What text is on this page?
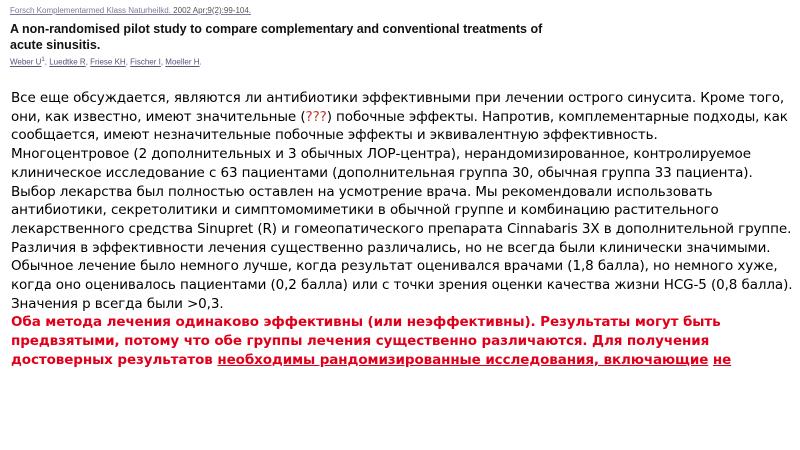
Forsch Komplementarmed Klass Naturheilkd. 2002 Apr;9(2):99-104.
A non-randomised pilot study to compare complementary and conventional treatments of acute sinusitis.
Weber $U^1$, Luedtke R, Friese KH, Fischer I, Moeller H.

Все еще обсуждается, являются ли антибиотики эффективными при лечении острого синусита. Кроме того, они, как известно, имеют значительные (???) побочные эффекты. Напротив, комплементарные подходы, как сообщается, имеют незначительные побочные эффекты и эквивалентную эффективность.

Многоцентровое (2 дополнительных и 3 обычных ЛОР-центра), нерандомизированное, контролируемое клиническое исследование с 63 пациентами (дополнительная группа 30, обычная группа 33 пациента).

Выбор лекарства был полностью оставлен на усмотрение врача. Мы рекомендовали использовать антибиотики, секретолитики и симптомомиметики в обычной группе и комбинацию растительного лекарственного средства Sinupret (R) и гомеопатического препарата Cinnabaris 3X в дополнительной группе.

Различия в эффективности лечения существенно различались, но не всегда были клинически значимыми. Обычное лечение было немного лучше, когда результат оценивался врачами (1,8 балла), но немного хуже, когда оно оценивалось пациентами (0,2 балла) или с точки зрения оценки качества жизни HCG-5 (0,8 балла). Значения р всегда были >0,3.

Оба метода лечения одинаково эффективны (или неэффективны). Результаты могут быть предвзятыми, потому что обе группы лечения существенно различаются. Для получения достоверных результатов необходимы рандомизированные исследования, включающие не
